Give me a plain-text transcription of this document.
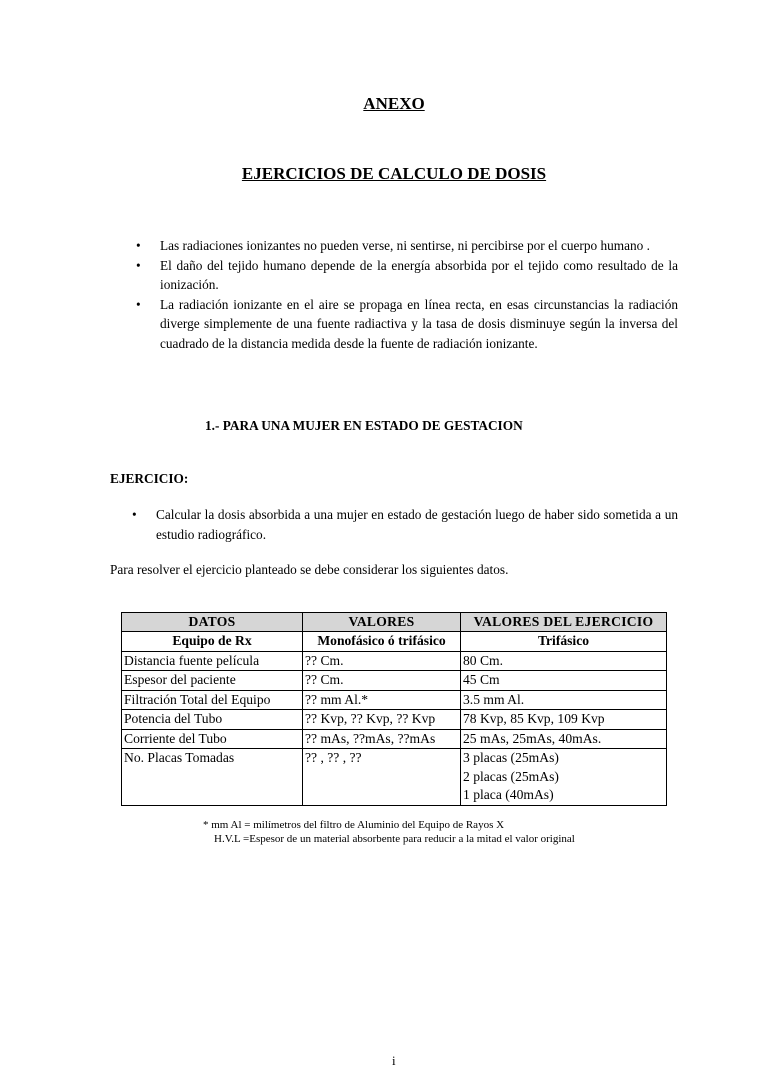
ANEXO
EJERCICIOS DE CALCULO DE DOSIS
• Las radiaciones ionizantes no pueden verse, ni sentirse, ni percibirse por el cuerpo humano .
• El daño del tejido humano depende de la energía absorbida por el tejido como resultado de la ionización.
• La radiación ionizante en el aire se propaga en línea recta, en esas circunstancias la radiación diverge simplemente de una fuente radiactiva y la tasa de dosis disminuye según la inversa del cuadrado de la distancia medida desde la fuente de radiación ionizante.
1.- PARA UNA MUJER EN ESTADO DE GESTACION
EJERCICIO:
• Calcular la dosis absorbida a una mujer en estado de gestación luego de haber sido sometida a un estudio radiográfico.
Para resolver el ejercicio planteado se debe considerar los siguientes datos.
DATOS	VALORES	VALORES DEL EJERCICIO
Equipo de Rx	Monofásico ó trifásico	Trifásico
Distancia fuente película	?? Cm.	80 Cm.
Espesor del paciente	?? Cm.	45 Cm
Filtración Total del Equipo	?? mm Al.*	3.5 mm Al.
Potencia del Tubo	?? Kvp, ?? Kvp, ?? Kvp	78 Kvp, 85 Kvp, 109 Kvp
Corriente del Tubo	?? mAs, ??mAs, ??mAs	25 mAs, 25mAs, 40mAs.
No. Placas Tomadas	?? , ?? , ??	3 placas (25mAs)
2 placas (25mAs)
1 placa (40mAs)
* mm Al = milímetros del filtro de Aluminio del Equipo de Rayos X
H.V.L =Espesor de un material absorbente para reducir a la mitad el valor original
i
